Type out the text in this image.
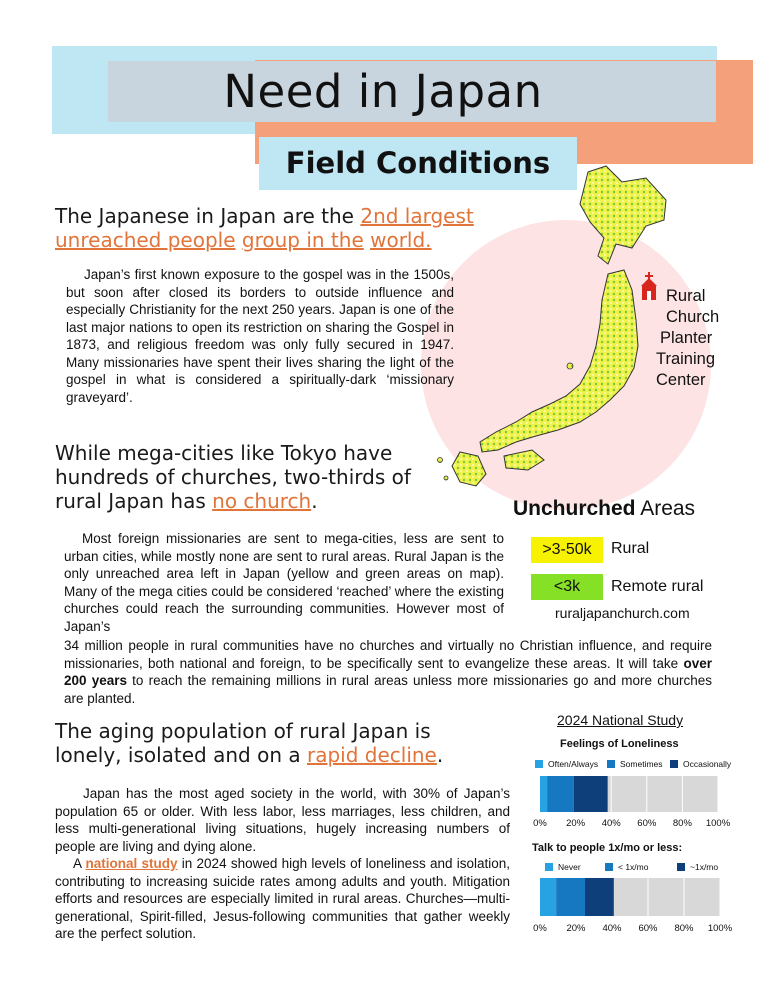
Need in Japan
Field Conditions
Rural
Church
Planter
Training
Center
The Japanese in Japan are the 2nd largest
unreached people group in the world.
Japan’s first known exposure to the gospel was in the 1500s, but soon after closed its borders to outside influence and especially Christianity for the next 250 years. Japan is one of the last major nations to open its restriction on sharing the Gospel in 1873, and religious freedom was only fully secured in 1947. Many missionaries have spent their lives sharing the light of the gospel in what is considered a spiritually-dark ‘missionary graveyard’.
While mega-cities like Tokyo have hundreds of churches, two-thirds of rural Japan has no church.
Most foreign missionaries are sent to mega-cities, less are sent to urban cities, while mostly none are sent to rural areas. Rural Japan is the only unreached area left in Japan (yellow and green areas on map). Many of the mega cities could be considered ‘reached’ where the existing churches could reach the surrounding communities. However most of Japan’s
34 million people in rural communities have no churches and virtually no Christian influence, and require missionaries, both national and foreign, to be specifically sent to evangelize these areas. It will take over 200 years to reach the remaining millions in rural areas unless more missionaries go and more churches are planted.
Unchurched Areas
>3-50k	Rural
<3k	Remote rural
ruraljapanchurch.com
The aging population of rural Japan is lonely, isolated and on a rapid decline.
Japan has the most aged society in the world, with 30% of Japan’s population 65 or older. With less labor, less marriages, less children, and less multi-generational living situations, hugely increasing numbers of people are living and dying alone.
A national study in 2024 showed high levels of loneliness and isolation, contributing to increasing suicide rates among adults and youth. Mitigation efforts and resources are especially limited in rural areas. Churches—multi-generational, Spirit-filled, Jesus-following communities that gather weekly are the perfect solution.
2024 National Study
Feelings of Loneliness
Talk to people 1x/mo or less:
Often/Always	Sometimes Occasionally
Never	< 1x/mo	~1x/mo
0% 20% 40% 60% 80% 100%
0% 20% 40% 60% 80% 100%
